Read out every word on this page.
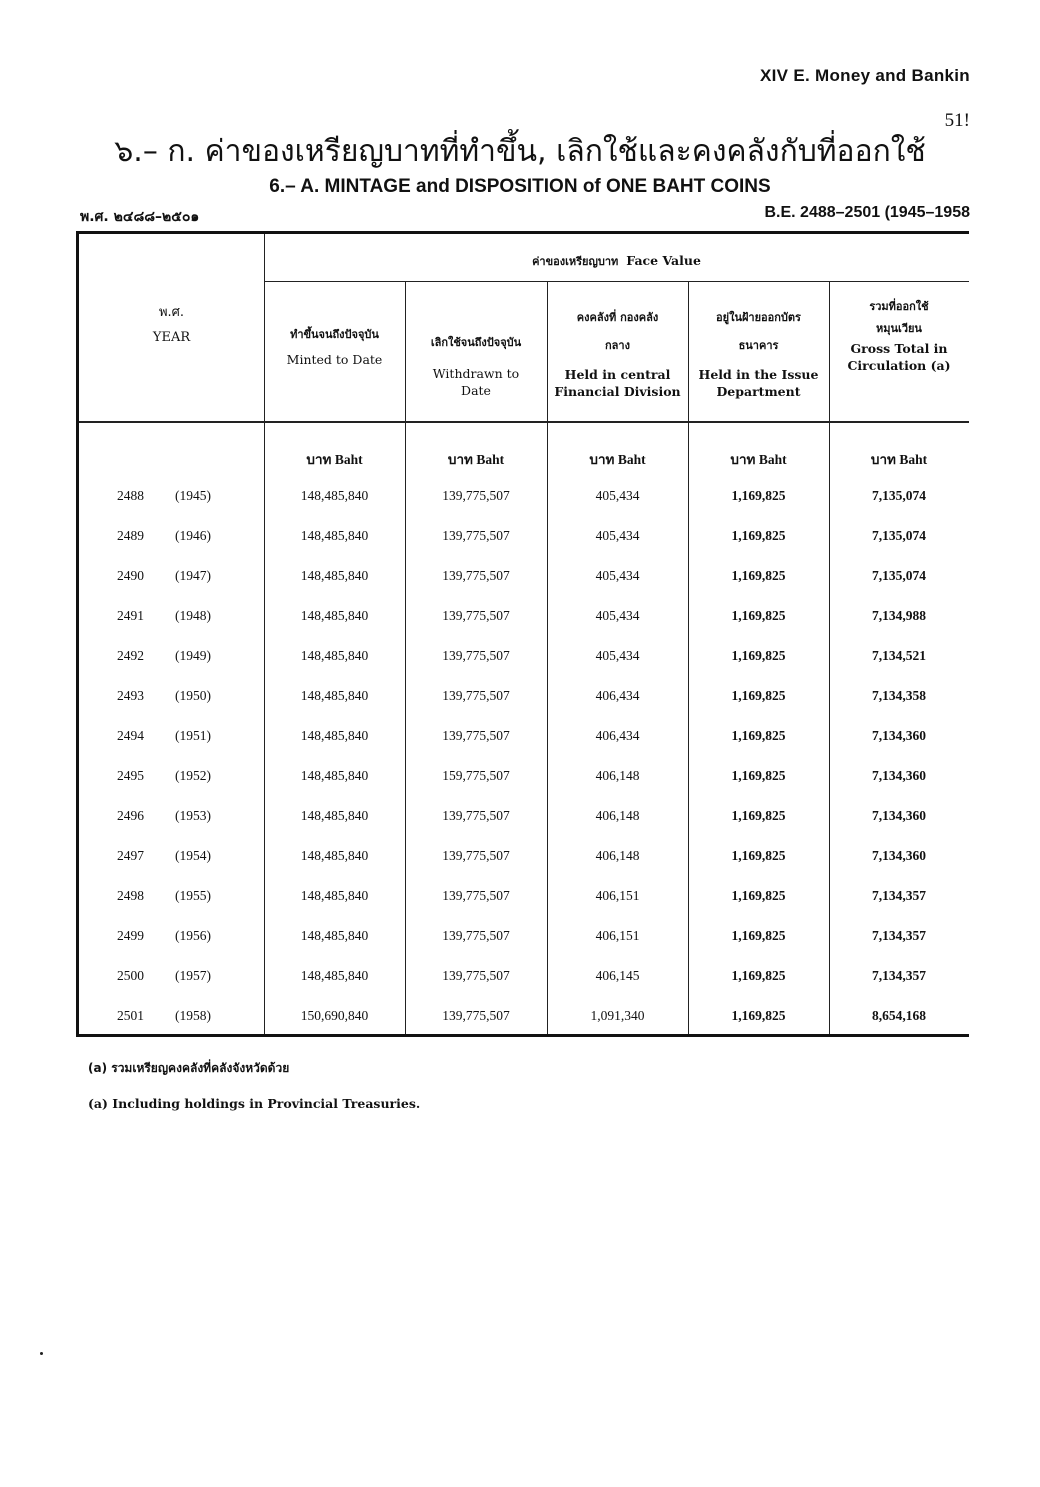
XIV E. Money and Bankin
51!
๖.– ก. ค่าของเหรียญบาทที่ทำขึ้น, เลิกใช้และคงคลังกับที่ออกใช้
6.– A. MINTAGE and DISPOSITION of ONE BAHT COINS
พ.ศ. ๒๔๘๘–๒๕๐๑	B.E. 2488–2501 (1945–1958
พ.ศ.
YEAR
ค่าของเหรียญบาท Face Value
ทำขึ้นจนถึงปัจจุบัน
Minted to Date
เลิกใช้จนถึงปัจจุบัน
Withdrawn to Date
คงคลังที่ กองคลังกลาง
Held in central Financial Division
อยู่ในฝ้ายออกบัตร ธนาคาร
Held in the Issue Department
รวมที่ออกใช้ หมุนเวียน
Gross Total in Circulation (a)
บาท Baht	บาท Baht	บาท Baht	บาท Baht	บาท Baht
2488 (1945)	148,485,840	139,775,507	405,434	1,169,825	7,135,074
2489 (1946)	148,485,840	139,775,507	405,434	1,169,825	7,135,074
2490 (1947)	148,485,840	139,775,507	405,434	1,169,825	7,135,074
2491 (1948)	148,485,840	139,775,507	405,434	1,169,825	7,134,988
2492 (1949)	148,485,840	139,775,507	405,434	1,169,825	7,134,521
2493 (1950)	148,485,840	139,775,507	406,434	1,169,825	7,134,358
2494 (1951)	148,485,840	139,775,507	406,434	1,169,825	7,134,360
2495 (1952)	148,485,840	159,775,507	406,148	1,169,825	7,134,360
2496 (1953)	148,485,840	139,775,507	406,148	1,169,825	7,134,360
2497 (1954)	148,485,840	139,775,507	406,148	1,169,825	7,134,360
2498 (1955)	148,485,840	139,775,507	406,151	1,169,825	7,134,357
2499 (1956)	148,485,840	139,775,507	406,151	1,169,825	7,134,357
2500 (1957)	148,485,840	139,775,507	406,145	1,169,825	7,134,357
2501 (1958)	150,690,840	139,775,507	1,091,340	1,169,825	8,654,168
(a) รวมเหรียญคงคลังที่คลังจังหวัดด้วย
(a) Including holdings in Provincial Treasuries.
